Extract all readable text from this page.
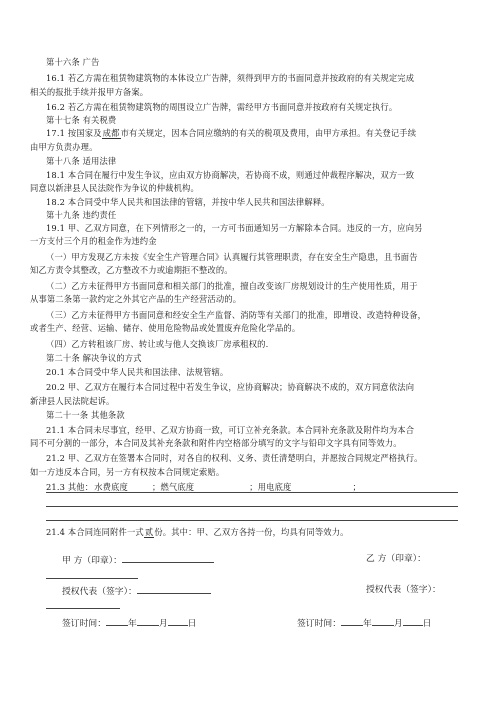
第十六条 广告
16.1 若乙方需在租赁物建筑物的本体设立广告牌，须得到甲方的书面同意并按政府的有关规定完成
相关的报批手续并报甲方备案。
16.2 若乙方需在租赁物建筑物的周围设立广告牌，需经甲方书面同意并按政府有关规定执行。
第十七条 有关税费
17.1 按国家及成都市有关规定，因本合同应缴纳的有关的税项及费用，由甲方承担。有关登记手续
由甲方负责办理。
第十八条 适用法律
18.1 本合同在履行中发生争议，应由双方协商解决，若协商不成，则通过仲裁程序解决，双方一致
同意以新津县人民法院作为争议的仲裁机构。
18.2 本合同受中华人民共和国法律的管辖，并按中华人民共和国法律解释。
第十九条 违约责任
19.1 甲、乙双方同意，在下列情形之一的，一方可书面通知另一方解除本合同。违反的一方，应向另
一方支付三个月的租金作为违约金
（一）甲方发现乙方未按《安全生产管理合同》认真履行其管理职责，存在安全生产隐患，且书面告
知乙方责令其整改，乙方整改不力或逾期拒不整改的。
（二）乙方未征得甲方书面同意和相关部门的批准，擅自改变该厂房规划设计的生产使用性质，用于
从事第二条第一款约定之外其它产品的生产经营活动的。
（三）乙方未征得甲方书面同意和经安全生产监督、消防等有关部门的批准，即增设、改造特种设备，
或者生产、经营、运输、储存、使用危险物品或处置废弃危险化学品的。
（四）乙方转租该厂房、转让或与他人交换该厂房承租权的.
第二十条 解决争议的方式
20.1 本合同受中华人民共和国法律、法规管辖。
20.2 甲、乙双方在履行本合同过程中若发生争议，应协商解决；协商解决不成的，双方同意依法向
新津县人民法院起诉。
第二十一条 其他条款
21.1 本合同未尽事宜，经甲、乙双方协商一致，可订立补充条款。本合同补充条款及附件均为本合
同不可分割的一部分，本合同及其补充条款和附件内空格部分填写的文字与铅印文字具有同等效力。
21.2 甲、乙双方在签署本合同时，对各自的权利、义务、责任清楚明白，并愿按合同规定严格执行。
如一方违反本合同，另一方有权按本合同规定索赔。
21.3 其他：水费底度	；燃气底度	；用电底度	；
21.4 本合同连同附件一式贰份。其中：甲、乙双方各持一份，均具有同等效力。
甲 方（印章）：	乙 方（印章）：
授权代表（签字）：	授权代表（签字）：
签订时间：	年	月 日	签订时间：	年	月 日
